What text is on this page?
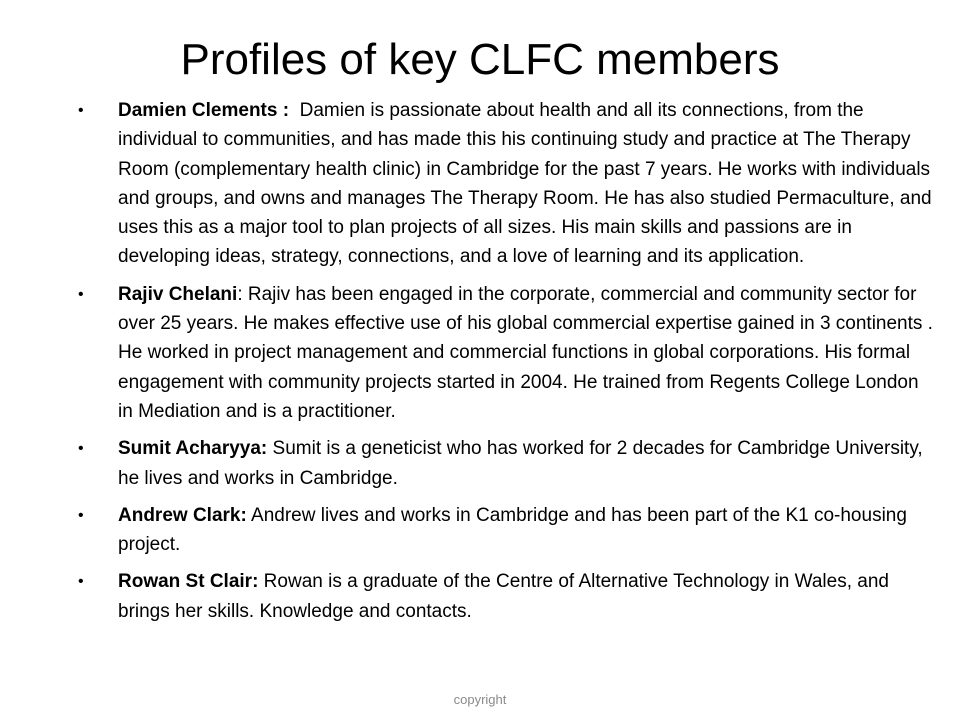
Profiles of key CLFC members
• Damien Clements :  Damien is passionate about health and all its connections, from the individual to communities, and has made this his continuing study and practice at The Therapy Room (complementary health clinic) in Cambridge for the past 7 years. He works with individuals and groups, and owns and manages The Therapy Room. He has also studied Permaculture, and uses this as a major tool to plan projects of all sizes. His main skills and passions are in developing ideas, strategy, connections, and a love of learning and its application.
• Rajiv Chelani: Rajiv has been engaged in the corporate, commercial and community sector for over 25 years. He makes effective use of his global commercial expertise gained in 3 continents . He worked in project management and commercial functions in global corporations. His formal engagement with community projects started in 2004. He trained from Regents College London in Mediation and is a practitioner.
• Sumit Acharyya: Sumit is a geneticist who has worked for 2 decades for Cambridge University, he lives and works in Cambridge.
• Andrew Clark: Andrew lives and works in Cambridge and has been part of the K1 co-housing project.
• Rowan St Clair: Rowan is a graduate of the Centre of Alternative Technology in Wales, and brings her skills. Knowledge and contacts.
copyright
